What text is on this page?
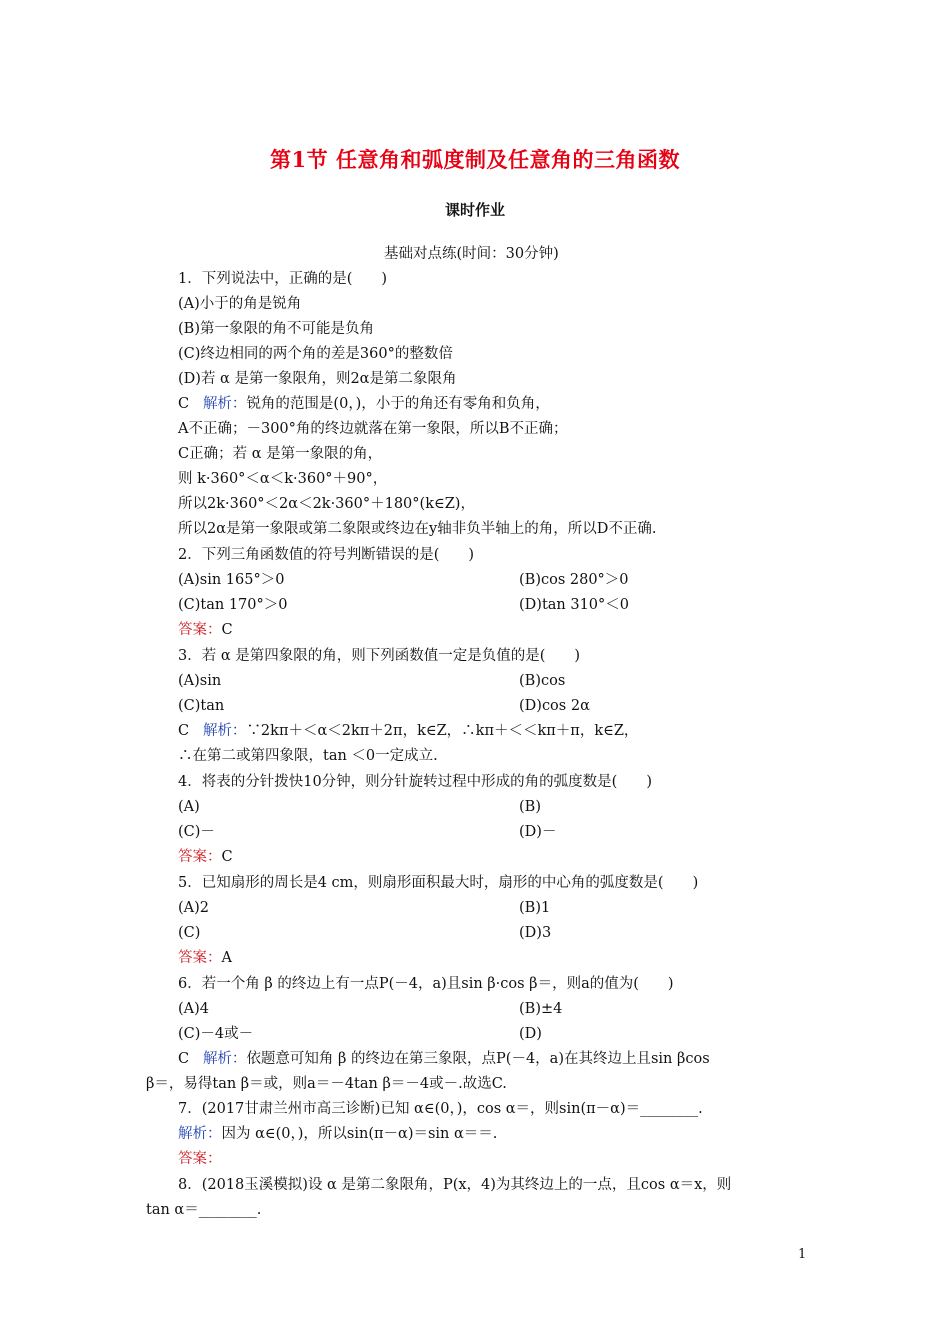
第1节 任意角和弧度制及任意角的三角函数
课时作业
基础对点练(时间：30分钟)
1．下列说法中，正确的是(　　)
(A)小于的角是锐角
(B)第一象限的角不可能是负角
(C)终边相同的两个角的差是360°的整数倍
(D)若 α 是第一象限角，则2α是第二象限角
C 解析：锐角的范围是(0，)，小于的角还有零角和负角，
A不正确；－300°角的终边就落在第一象限，所以B不正确；
C正确；若 α 是第一象限的角，
则 k·360°＜α＜k·360°＋90°，
所以2k·360°＜2α＜2k·360°＋180°(k∈Z)，
所以2α是第一象限或第二象限或终边在y轴非负半轴上的角，所以D不正确.
2．下列三角函数值的符号判断错误的是(　　)
(A)sin 165°＞0	(B)cos 280°＞0
(C)tan 170°＞0	(D)tan 310°＜0
答案：C
3．若 α 是第四象限的角，则下列函数值一定是负值的是(　　)
(A)sin	(B)cos
(C)tan	(D)cos 2α
C 解析：∵2kπ＋＜α＜2kπ＋2π，k∈Z，∴kπ＋＜＜kπ＋π，k∈Z，
∴在第二或第四象限，tan ＜0一定成立.
4．将表的分针拨快10分钟，则分针旋转过程中形成的角的弧度数是(　　)
(A)	(B)
(C)－	(D)－
答案：C
5．已知扇形的周长是4 cm，则扇形面积最大时，扇形的中心角的弧度数是(　　)
(A)2	(B)1
(C)	(D)3
答案：A
6．若一个角 β 的终边上有一点P(－4，a)且sin β·cos β＝，则a的值为(　　)
(A)4	(B)±4
(C)－4或－	(D)
C 解析：依题意可知角 β 的终边在第三象限，点P(－4，a)在其终边上且sin βcos
β＝，易得tan β＝或，则a＝－4tan β＝－4或－.故选C.
7．(2017甘肃兰州市高三诊断)已知 α∈(0，)，cos α＝，则sin(π－α)＝________.
解析：因为 α∈(0，)，所以sin(π－α)＝sin α＝＝.
答案：
8．(2018玉溪模拟)设 α 是第二象限角，P(x，4)为其终边上的一点，且cos α＝x，则
tan α＝________.
1
